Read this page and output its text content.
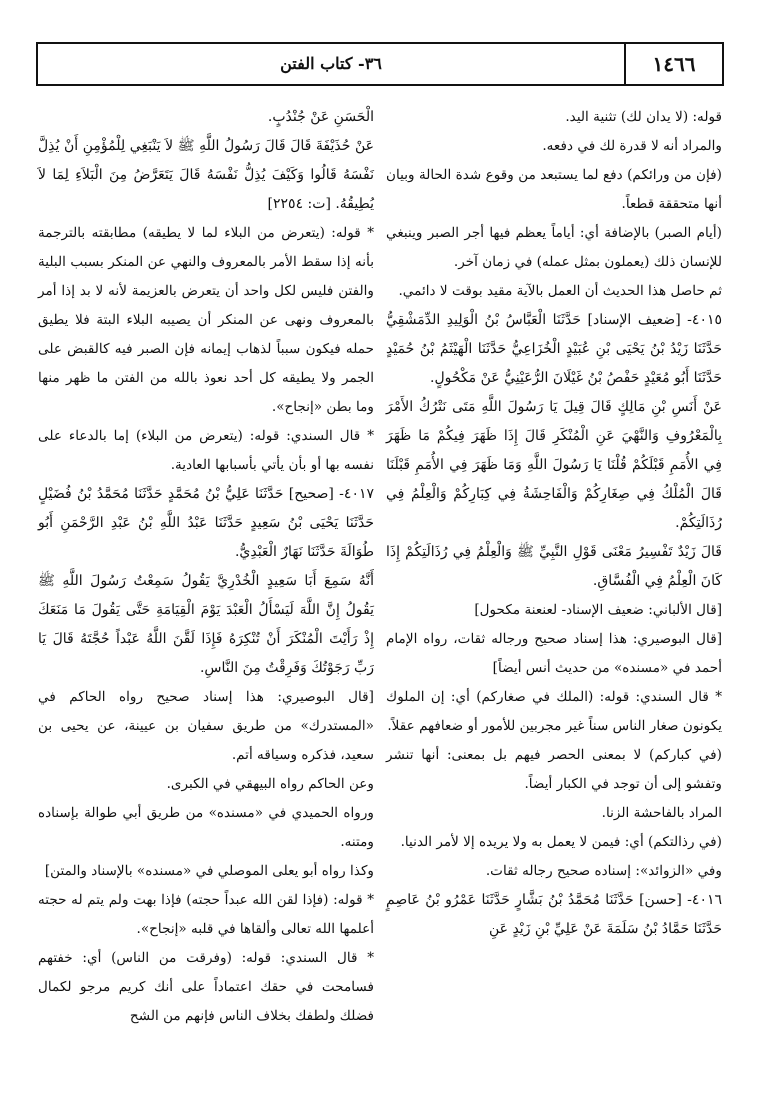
١٤٦٦
٣٦- كتاب الفتن

قوله: (لا يدان لك) تثنية اليد.

والمراد أنه لا قدرة لك في دفعه.

(فإن من ورائكم) دفع لما يستبعد من وقوع شدة الحالة وبيان أنها متحققة قطعاً.

(أيام الصبر) بالإضافة أي: أياماً يعظم فيها أجر الصبر وينبغي للإنسان ذلك (يعملون بمثل عمله) في زمان آخر.

ثم حاصل هذا الحديث أن العمل بالآية مقيد بوقت لا دائمي.

٤٠١٥- [ضعيف الإسناد] حَدَّثَنَا الْعَبَّاسُ بْنُ الْوَلِيدِ الدِّمَشْقِيُّ حَدَّثَنَا زَيْدُ بْنُ يَحْيَى بْنِ عُبَيْدٍ الْخُزَاعِيُّ حَدَّثَنَا الْهَيْثَمُ بْنُ حُمَيْدٍ حَدَّثَنَا أَبُو مُعَيْدٍ حَفْصُ بْنُ غَيْلَانَ الرُّعَيْنِيُّ عَنْ مَكْحُولٍ.

عَنْ أَنَسِ بْنِ مَالِكٍ قَالَ قِيلَ يَا رَسُولَ اللَّهِ مَتَى نَتْرُكُ الأَمْرَ بِالْمَعْرُوفِ وَالنَّهْيَ عَنِ الْمُنْكَرِ قَالَ إِذَا ظَهَرَ فِيكُمْ مَا ظَهَرَ فِي الأُمَمِ قَبْلَكُمْ قُلْنَا يَا رَسُولَ اللَّهِ وَمَا ظَهَرَ فِي الأُمَمِ قَبْلَنَا قَالَ الْمُلْكُ فِي صِغَارِكُمْ وَالْفَاحِشَةُ فِي كِبَارِكُمْ وَالْعِلْمُ فِي رُذَالَتِكُمْ.

قَالَ زَيْدٌ تَفْسِيرُ مَعْنَى قَوْلِ النَّبِيِّ ﷺ وَالْعِلْمُ فِي رُذَالَتِكُمْ إِذَا كَانَ الْعِلْمُ فِي الْفُسَّاقِ.

[قال الألباني: ضعيف الإسناد- لعنعنة مكحول]

[قال البوصيري: هذا إسناد صحيح ورجاله ثقات، رواه الإمام أحمد في «مسنده» من حديث أنس أيضاً]

* قال السندي: قوله: (الملك في صغاركم) أي: إن الملوك يكونون صغار الناس سناً غير مجربين للأمور أو ضعافهم عقلاً.

(في كباركم) لا بمعنى الحصر فيهم بل بمعنى: أنها تنشر وتفشو إلى أن توجد في الكبار أيضاً.

المراد بالفاحشة الزنا.

(في رذالتكم) أي: فيمن لا يعمل به ولا يريده إلا لأمر الدنيا.

وفي «الزوائد»: إسناده صحيح رجاله ثقات.

٤٠١٦- [حسن] حَدَّثَنَا مُحَمَّدُ بْنُ بَشَّارٍ حَدَّثَنَا عَمْرُو بْنُ عَاصِمٍ حَدَّثَنَا حَمَّادُ بْنُ سَلَمَةَ عَنْ عَلِيِّ بْنِ زَيْدٍ عَنِ

الْحَسَنِ عَنْ جُنْدُبٍ.

عَنْ حُذَيْفَةَ قَالَ قَالَ رَسُولُ اللَّهِ ﷺ لاَ يَنْبَغِي لِلْمُؤْمِنِ أَنْ يُذِلَّ نَفْسَهُ قَالُوا وَكَيْفَ يُذِلُّ نَفْسَهُ قَالَ يَتَعَرَّضُ مِنَ الْبَلاَءِ لِمَا لاَ يُطِيقُهُ. [ت: ٢٢٥٤]

* قوله: (يتعرض من البلاء لما لا يطيقه) مطابقته بالترجمة بأنه إذا سقط الأمر بالمعروف والنهي عن المنكر بسبب البلية والفتن فليس لكل واحد أن يتعرض بالعزيمة لأنه لا بد إذا أمر بالمعروف ونهى عن المنكر أن يصيبه البلاء البتة فلا يطيق حمله فيكون سبباً لذهاب إيمانه فإن الصبر فيه كالقبض على الجمر ولا يطيقه كل أحد نعوذ بالله من الفتن ما ظهر منها وما بطن «إنجاح».

* قال السندي: قوله: (يتعرض من البلاء) إما بالدعاء على نفسه بها أو بأن يأتي بأسبابها العادية.

٤٠١٧- [صحيح] حَدَّثَنَا عَلِيُّ بْنُ مُحَمَّدٍ حَدَّثَنَا مُحَمَّدُ بْنُ فُضَيْلٍ حَدَّثَنَا يَحْيَى بْنُ سَعِيدٍ حَدَّثَنَا عَبْدُ اللَّهِ بْنُ عَبْدِ الرَّحْمَنِ أَبُو طُوَالَةَ حَدَّثَنَا نَهَارٌ الْعَبْدِيُّ.

أَنَّهُ سَمِعَ أَبَا سَعِيدٍ الْخُدْرِيَّ يَقُولُ سَمِعْتُ رَسُولَ اللَّهِ ﷺ يَقُولُ إِنَّ اللَّهَ لَيَسْأَلُ الْعَبْدَ يَوْمَ الْقِيَامَةِ حَتَّى يَقُولَ مَا مَنَعَكَ إِذْ رَأَيْتَ الْمُنْكَرَ أَنْ تُنْكِرَهُ فَإِذَا لَقَّنَ اللَّهُ عَبْداً حُجَّتَهُ قَالَ يَا رَبِّ رَجَوْتُكَ وَفَرِقْتُ مِنَ النَّاسِ.

[قال البوصيري: هذا إسناد صحيح رواه الحاكم في «المستدرك» من طريق سفيان بن عيينة، عن يحيى بن سعيد، فذكره وسياقه أتم.

وعن الحاكم رواه البيهقي في الكبرى.

ورواه الحميدي في «مسنده» من طريق أبي طوالة بإسناده ومتنه.

وكذا رواه أبو يعلى الموصلي في «مسنده» بالإسناد والمتن]

* قوله: (فإذا لقن الله عبداً حجته) فإذا بهت ولم يتم له حجته أعلمها الله تعالى وألقاها في قلبه «إنجاح».

* قال السندي: قوله: (وفرقت من الناس) أي: خفتهم فسامحت في حقك اعتماداً على أنك كريم مرجو لكمال فضلك ولطفك بخلاف الناس فإنهم من الشح
